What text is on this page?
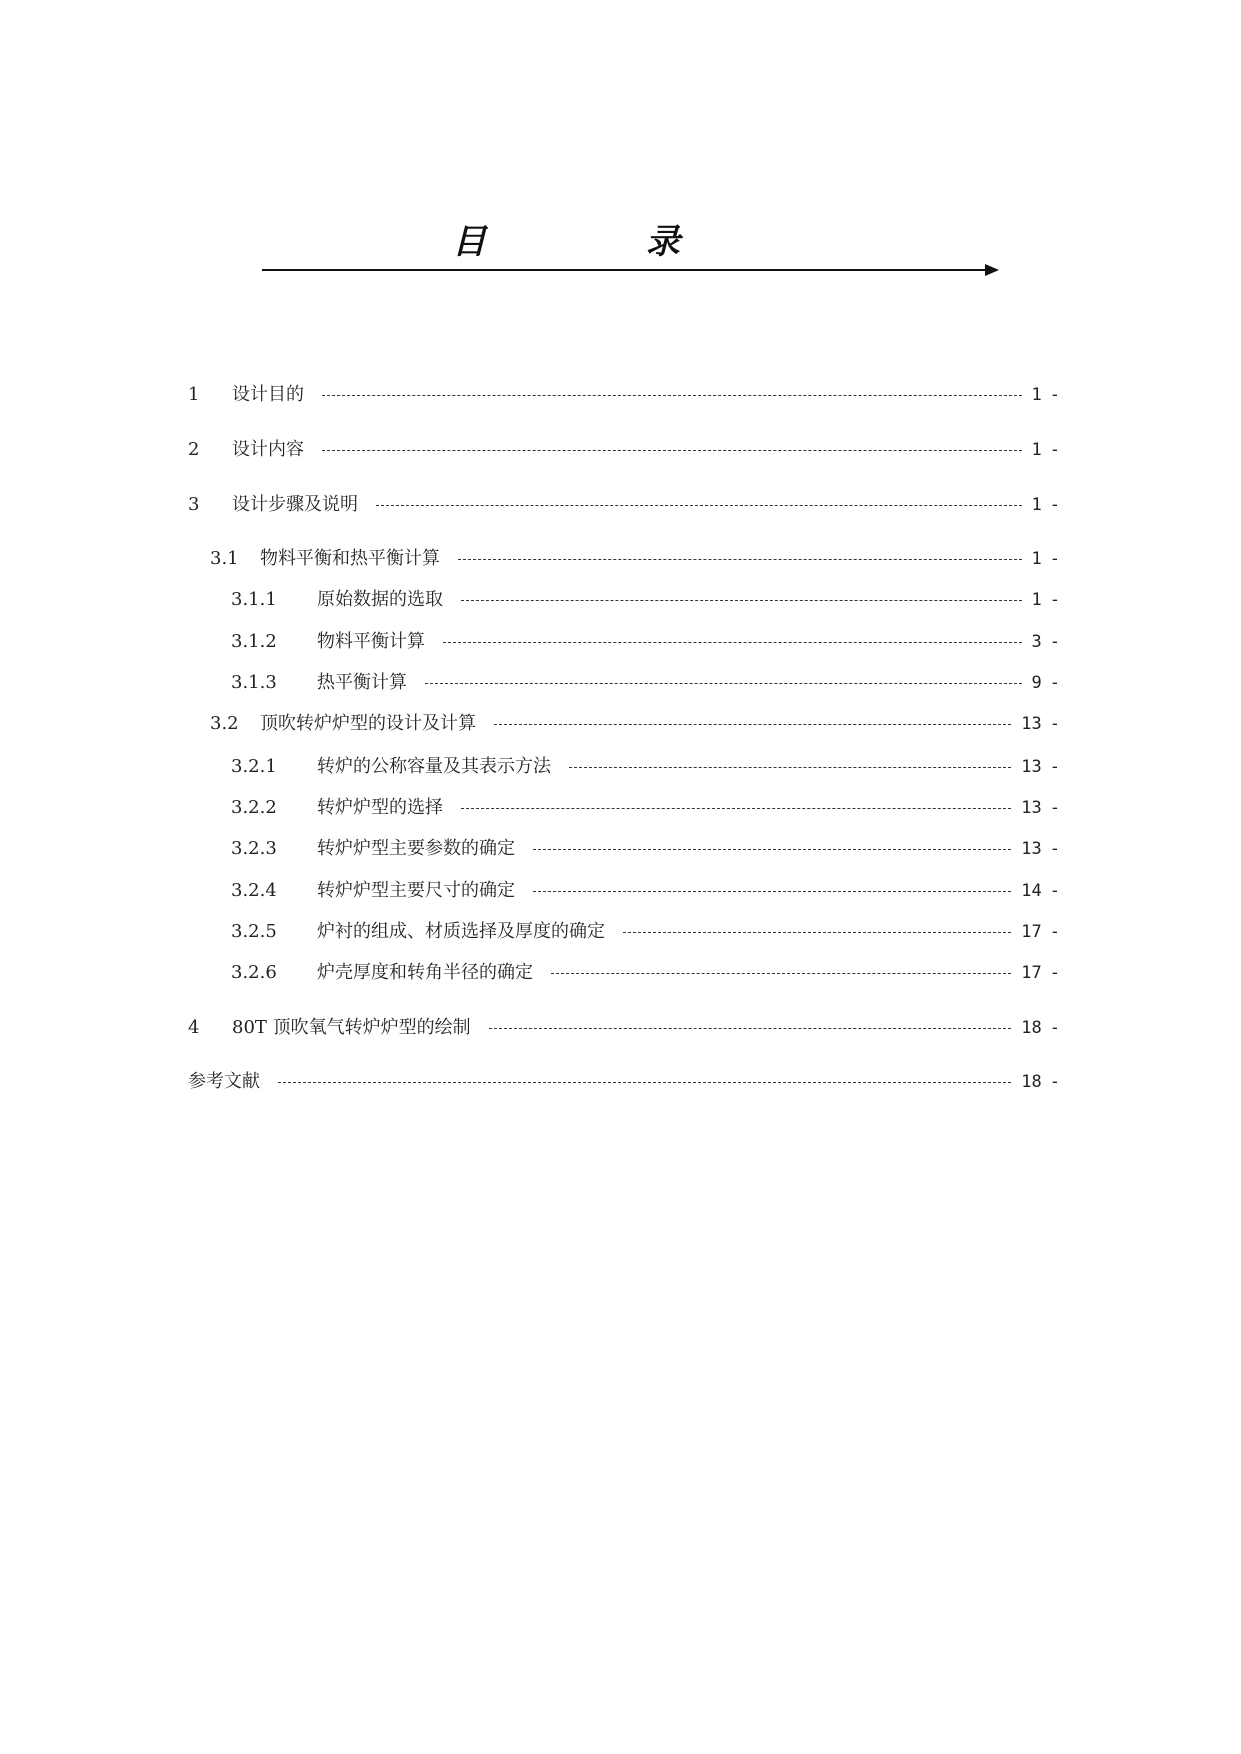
目 录
1	设计目的	1 -
2	设计内容	1 -
3	设计步骤及说明	1 -
3.1	物料平衡和热平衡计算	1 -
3.1.1	原始数据的选取	1 -
3.1.2	物料平衡计算	3 -
3.1.3	热平衡计算	9 -
3.2	顶吹转炉炉型的设计及计算	13 -
3.2.1	转炉的公称容量及其表示方法	13 -
3.2.2	转炉炉型的选择	13 -
3.2.3	转炉炉型主要参数的确定	13 -
3.2.4	转炉炉型主要尺寸的确定	14 -
3.2.5	炉衬的组成、材质选择及厚度的确定	17 -
3.2.6	炉壳厚度和转角半径的确定	17 -
4	80T 顶吹氧气转炉炉型的绘制	18 -
参考文献	18 -
